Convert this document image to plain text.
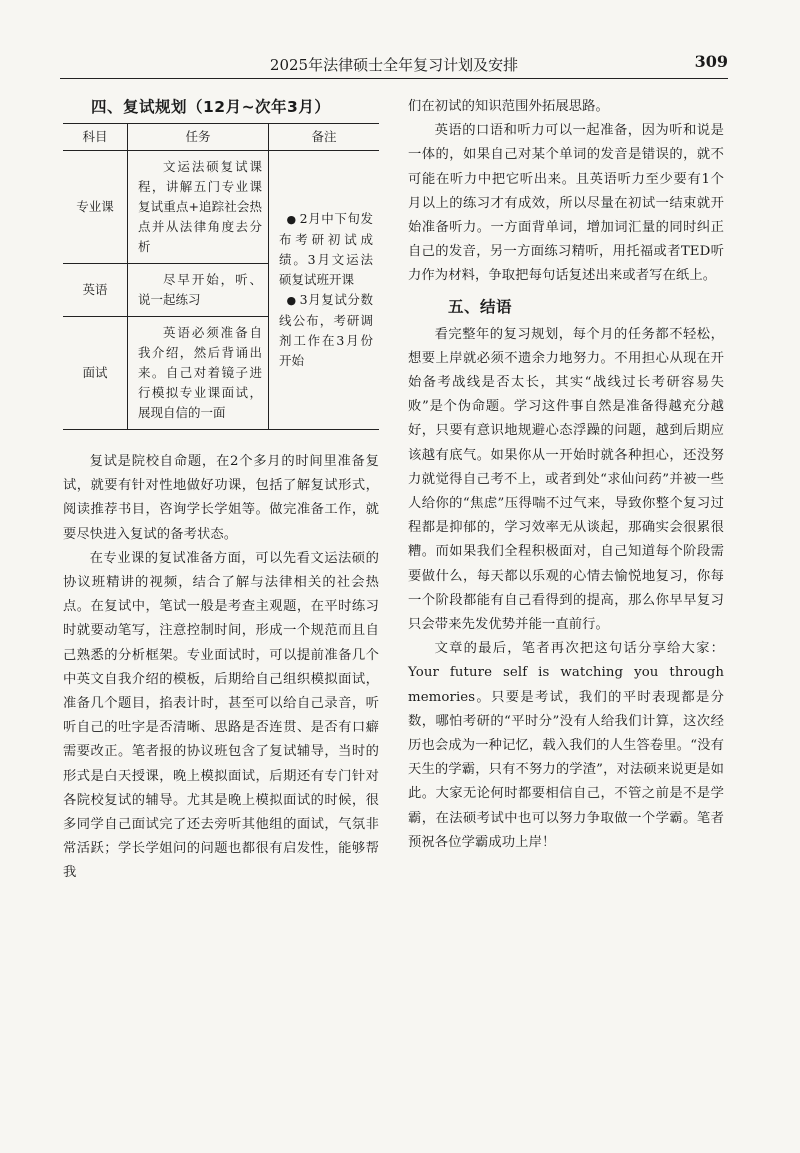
2025年法律硕士全年复习计划及安排	309
四、复试规划（12月~次年3月）
科目	任务	备注
专业课	文运法硕复试课程，讲解五门专业课复试重点+追踪社会热点并从法律角度去分析	● 2月中下旬发布考研初试成绩。3月文运法硕复试班开课
● 3月复试分数线公布，考研调剂工作在3月份开始

英语	尽早开始，听、说一起练习	

面试	英语必须准备自我介绍，然后背诵出来。自己对着镜子进行模拟专业课面试，展现自信的一面	

复试是院校自命题，在2个多月的时间里准备复试，就要有针对性地做好功课，包括了解复试形式，阅读推荐书目，咨询学长学姐等。做完准备工作，就要尽快进入复试的备考状态。

在专业课的复试准备方面，可以先看文运法硕的协议班精讲的视频，结合了解与法律相关的社会热点。在复试中，笔试一般是考查主观题，在平时练习时就要动笔写，注意控制时间，形成一个规范而且自己熟悉的分析框架。专业面试时，可以提前准备几个中英文自我介绍的模板，后期给自己组织模拟面试，准备几个题目，掐表计时，甚至可以给自己录音，听听自己的吐字是否清晰、思路是否连贯、是否有口癖需要改正。笔者报的协议班包含了复试辅导，当时的形式是白天授课，晚上模拟面试，后期还有专门针对各院校复试的辅导。尤其是晚上模拟面试的时候，很多同学自己面试完了还去旁听其他组的面试，气氛非常活跃；学长学姐问的问题也都很有启发性，能够帮我

们在初试的知识范围外拓展思路。

英语的口语和听力可以一起准备，因为听和说是一体的，如果自己对某个单词的发音是错误的，就不可能在听力中把它听出来。且英语听力至少要有1个月以上的练习才有成效，所以尽量在初试一结束就开始准备听力。一方面背单词，增加词汇量的同时纠正自己的发音，另一方面练习精听，用托福或者TED听力作为材料，争取把每句话复述出来或者写在纸上。

五、结语

看完整年的复习规划，每个月的任务都不轻松，想要上岸就必须不遗余力地努力。不用担心从现在开始备考战线是否太长，其实“战线过长考研容易失败”是个伪命题。学习这件事自然是准备得越充分越好，只要有意识地规避心态浮躁的问题，越到后期应该越有底气。如果你从一开始时就各种担心，还没努力就觉得自己考不上，或者到处“求仙问药”并被一些人给你的“焦虑”压得喘不过气来，导致你整个复习过程都是抑郁的，学习效率无从谈起，那确实会很累很糟。而如果我们全程积极面对，自己知道每个阶段需要做什么，每天都以乐观的心情去愉悦地复习，你每一个阶段都能有自己看得到的提高，那么你早早复习只会带来先发优势并能一直前行。

文章的最后，笔者再次把这句话分享给大家：Your future self is watching you through memories。只要是考试，我们的平时表现都是分数，哪怕考研的“平时分”没有人给我们计算，这次经历也会成为一种记忆，载入我们的人生答卷里。“没有天生的学霸，只有不努力的学渣”，对法硕来说更是如此。大家无论何时都要相信自己，不管之前是不是学霸，在法硕考试中也可以努力争取做一个学霸。笔者预祝各位学霸成功上岸！
